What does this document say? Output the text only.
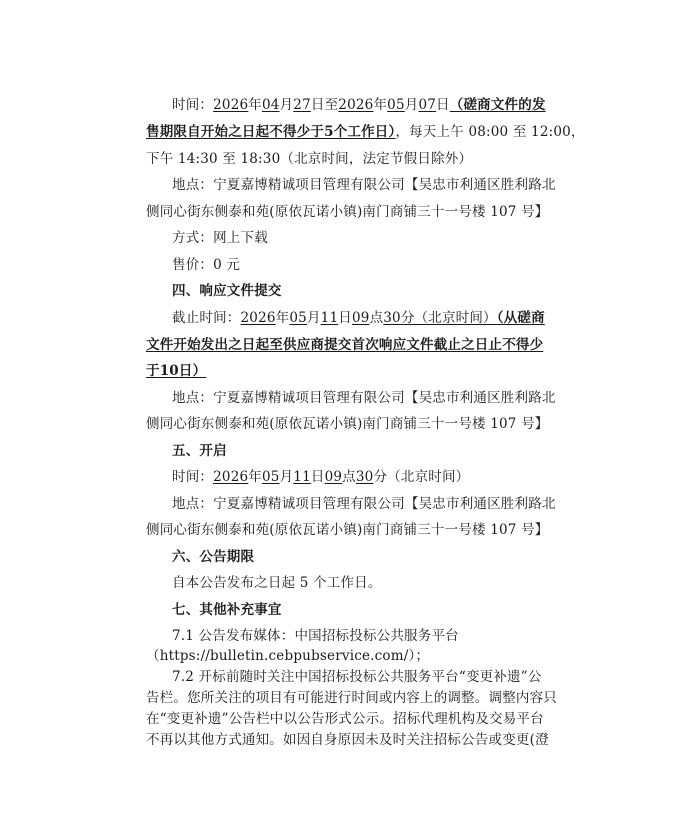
时间：2026年04月27日至2026年05月07日（磋商文件的发
售期限自开始之日起不得少于5个工作日），每天上午 08:00 至 12:00，
下午 14:30 至 18:30（北京时间，法定节假日除外）
地点：宁夏嘉博精诚项目管理有限公司【吴忠市利通区胜利路北
侧同心街东侧泰和苑(原依瓦诺小镇)南门商铺三十一号楼 107 号】
方式：网上下载
售价：0 元
四、响应文件提交
截止时间：2026年05月11日09点30分（北京时间）（从磋商
文件开始发出之日起至供应商提交首次响应文件截止之日止不得少
于10日）
地点：宁夏嘉博精诚项目管理有限公司【吴忠市利通区胜利路北
侧同心街东侧泰和苑(原依瓦诺小镇)南门商铺三十一号楼 107 号】
五、开启
时间：2026年05月11日09点30分（北京时间）
地点：宁夏嘉博精诚项目管理有限公司【吴忠市利通区胜利路北
侧同心街东侧泰和苑(原依瓦诺小镇)南门商铺三十一号楼 107 号】
六、公告期限
自本公告发布之日起 5 个工作日。
七、其他补充事宜
7.1 公告发布媒体：中国招标投标公共服务平台
（https://bulletin.cebpubservice.com/）；
7.2 开标前随时关注中国招标投标公共服务平台“变更补遗”公
告栏。您所关注的项目有可能进行时间或内容上的调整。调整内容只
在“变更补遗”公告栏中以公告形式公示。招标代理机构及交易平台
不再以其他方式通知。如因自身原因未及时关注招标公告或变更(澄
